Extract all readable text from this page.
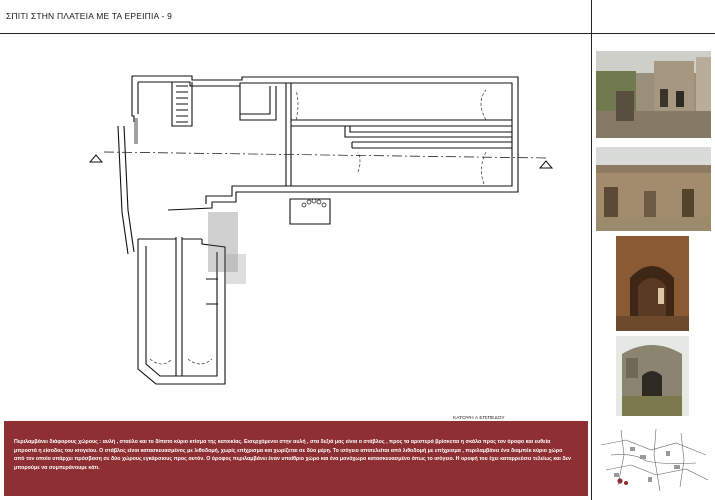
ΣΠΙΤΙ ΣΤΗΝ ΠΛΑΤΕΙΑ ΜΕ ΤΑ ΕΡΕΙΠΙΑ - 9
ΚΑΤΟΨΗ Α ΕΠΙΠΕΔΟΥ
Περιλαμβάνει διάφορους χώρους : αυλή , σταύλο και το δίπατο κύριο κτίσμα της κατοικίας. Εισερχόμενοι στην αυλή , στα δεξιά μας είναι ο στάβλος , προς τα αριστερά βρίσκεται η σκάλα προς τον όροφο και ευθεία μπροστά η είσοδος του ισογείου. Ο στάβλος είναι κατασκευασμένος με λιθοδομή, χωρίς επίχρισμα και χωρίζεται σε δύο μέρη. Το ισόγειο αποτελείται από λιθοδομή με επίχρισμα , περιλαμβάνει ένα διαμπέκ κύριο χώρο από τον οποίο υπάρχει πρόσβαση σε δύο χώρους εγκάρσιους προς αυτόν. Ο όροφος περιλαμβάνει έναν υπαίθριο χώρο και ένα μονόχωρο κατασκευασμένο όπως το ισόγειο. Η οροφή του έχει καταρρεύσει τελείως και δεν μπορούμε να συμπεράνουμε κάτι.
